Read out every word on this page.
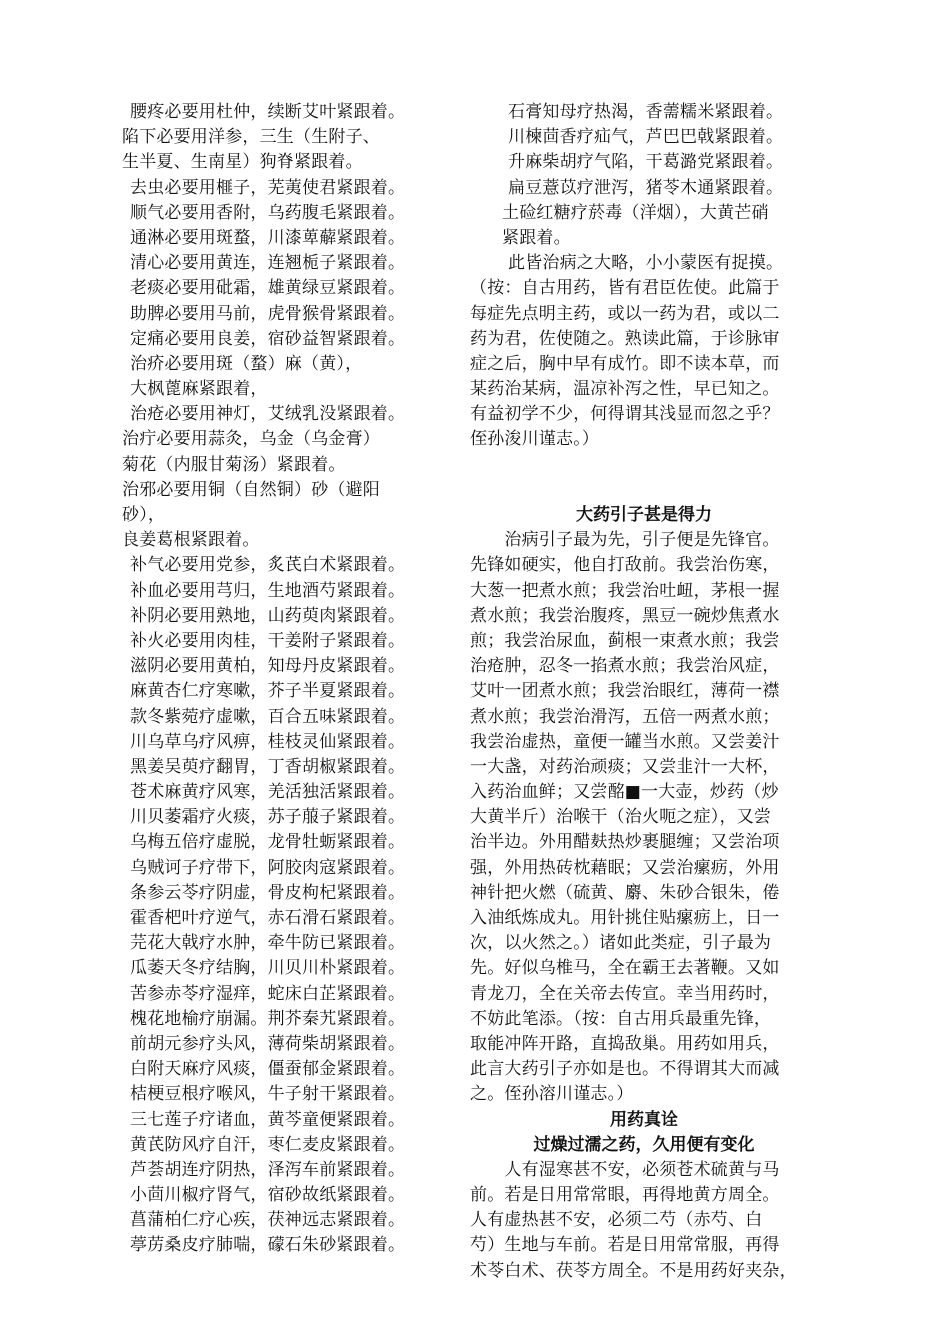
腰疼必要用杜仲，续断艾叶紧跟着。
陷下必要用洋参，三生（生附子、
生半夏、生南星）狗脊紧跟着。
去虫必要用榧子，芜荑使君紧跟着。
顺气必要用香附，乌药腹毛紧跟着。
通淋必要用斑蝥，川漆萆薢紧跟着。
清心必要用黄连，连翘栀子紧跟着。
老痰必要用砒霜，雄黄绿豆紧跟着。
助脾必要用马前，虎骨猴骨紧跟着。
定痛必要用良姜，宿砂益智紧跟着。
治疥必要用斑（蝥）麻（黄），
大枫蓖麻紧跟着，
治疮必要用神灯，艾绒乳没紧跟着。
治疔必要用蒜灸，乌金（乌金膏）
菊花（内服甘菊汤）紧跟着。
治邪必要用铜（自然铜）砂（避阳
砂），
良姜葛根紧跟着。
补气必要用党参，炙芪白术紧跟着。
补血必要用芎归，生地酒芍紧跟着。
补阴必要用熟地，山药萸肉紧跟着。
补火必要用肉桂，干姜附子紧跟着。
滋阴必要用黄柏，知母丹皮紧跟着。
麻黄杏仁疗寒嗽，芥子半夏紧跟着。
款冬紫菀疗虚嗽，百合五味紧跟着。
川乌草乌疗风痹，桂枝灵仙紧跟着。
黑姜吴萸疗翻胃，丁香胡椒紧跟着。
苍术麻黄疗风寒，羌活独活紧跟着。
川贝萎霜疗火痰，苏子菔子紧跟着。
乌梅五倍疗虚脱，龙骨牡蛎紧跟着。
乌贼诃子疗带下，阿胶肉寇紧跟着。
条参云苓疗阴虚，骨皮枸杞紧跟着。
霍香杷叶疗逆气，赤石滑石紧跟着。
芫花大戟疗水肿，牵牛防已紧跟着。
瓜萎天冬疗结胸，川贝川朴紧跟着。
苦参赤苓疗湿痒，蛇床白芷紧跟着。
槐花地榆疗崩漏。荆芥秦艽紧跟着。
前胡元参疗头风，薄荷柴胡紧跟着。
白附天麻疗风痰，僵蚕郁金紧跟着。
桔梗豆根疗喉风，牛子射干紧跟着。
三七莲子疗诸血，黄芩童便紧跟着。
黄芪防风疗自汗，枣仁麦皮紧跟着。
芦荟胡连疗阴热，泽泻车前紧跟着。
小茴川椒疗肾气，宿砂故纸紧跟着。
菖蒲柏仁疗心疾，茯神远志紧跟着。
葶苈桑皮疗肺喘，礞石朱砂紧跟着。
石膏知母疗热渴，香薷糯米紧跟着。
川楝茴香疗疝气，芦巴巴戟紧跟着。
升麻柴胡疗气陷，干葛潞党紧跟着。
扁豆薏苡疗泄泻，猪苓木通紧跟着。
土硷红糖疗菸毒（洋烟），大黄芒硝
紧跟着。
此皆治病之大略，小小蒙医有捉摸。
（按：自古用药，皆有君臣佐使。此篇于
每症先点明主药，或以一药为君，或以二
药为君，佐使随之。熟读此篇，于诊脉审
症之后，胸中早有成竹。即不读本草，而
某药治某病，温凉补泻之性，早已知之。
有益初学不少，何得谓其浅显而忽之乎？
侄孙浚川谨志。）
大药引子甚是得力
　　治病引子最为先，引子便是先锋官。
先锋如硬实，他自打敌前。我尝治伤寒，
大葱一把煮水煎；我尝治吐衄，茅根一握
煮水煎；我尝治腹疼，黑豆一碗炒焦煮水
煎；我尝治尿血，蓟根一束煮水煎；我尝
治疮肿，忍冬一掐煮水煎；我尝治风症，
艾叶一团煮水煎；我尝治眼红，薄荷一襟
煮水煎；我尝治滑泻，五倍一两煮水煎；
我尝治虚热，童便一罐当水煎。又尝姜汁
一大盏，对药治顽痰；又尝韭汁一大杯，
入药治血鲜；又尝酩■一大壶，炒药（炒
大黄半斤）治喉干（治火呃之症），又尝
治半边。外用醋麸热炒裹腿缠；又尝治项
强，外用热砖枕藉眠；又尝治瘰疬，外用
神针把火燃（硫黄、麝、朱砂合银朱，倦
入油纸炼成丸。用针挑住贴瘰疬上，日一
次，以火然之。）诸如此类症，引子最为
先。好似乌椎马，全在霸王去著鞭。又如
青龙刀，全在关帝去传宣。幸当用药时，
不妨此笔添。（按：自古用兵最重先锋，
取能冲阵开路，直捣敌巢。用药如用兵，
此言大药引子亦如是也。不得谓其大而减
之。侄孙溶川谨志。）
用药真诠
过燥过濡之药，久用便有变化
　　人有湿寒甚不安，必须苍术硫黄与马
前。若是日用常常眼，再得地黄方周全。
人有虚热甚不安，必须二芍（赤芍、白
芍）生地与车前。若是日用常常服，再得
术苓白术、茯苓方周全。不是用药好夹杂，
